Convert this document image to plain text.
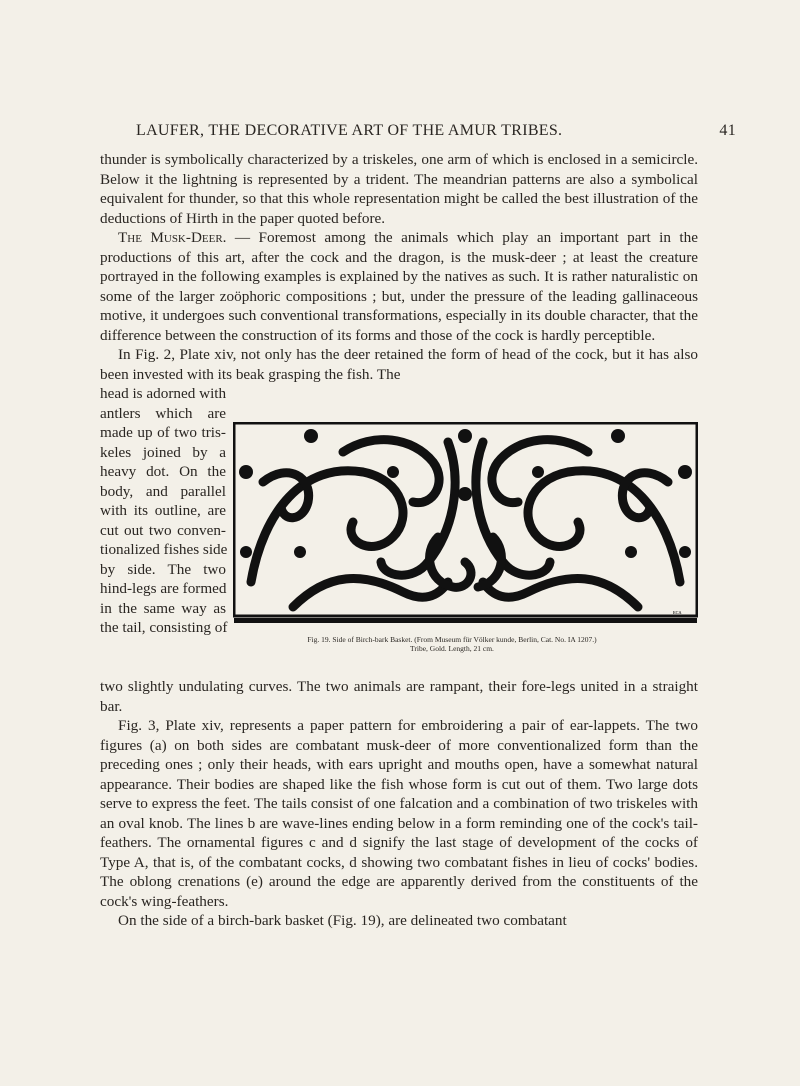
LAUFER, THE DECORATIVE ART OF THE AMUR TRIBES.	41

thunder is symbolically characterized by a triskeles, one arm of which is enclosed in a semicircle. Below it the lightning is represented by a trident. The meandrian patterns are also a symbolical equivalent for thunder, so that this whole representation might be called the best illustration of the deductions of Hirth in the paper quoted before.

The Musk-Deer. — Foremost among the animals which play an important part in the productions of this art, after the cock and the dragon, is the musk-deer ; at least the creature portrayed in the following examples is explained by the natives as such. It is rather naturalistic on some of the larger zoöphoric compositions ; but, under the pressure of the leading gallinaceous motive, it undergoes such conventional transformations, especially in its double character, that the difference between the construction of its forms and those of the cock is hardly perceptible.

In Fig. 2, Plate xiv, not only has the deer retained the form of head of the cock, but it has also been invested with its beak grasping the fish. The

head is adorned with
antlers which are
made up of two tris-
keles joined by a
heavy dot. On the
body, and parallel
with its outline, are
cut out two conven-
tionalized fishes side
by side. The two
hind-legs are formed
in the same way as
the tail, consisting of
ᴇᴄᴀ
Fig. 19. Side of Birch-bark Basket. (From Museum für Völker kunde, Berlin, Cat. No. IA 1207.)
Tribe, Gold. Length, 21 cm.

two slightly undulating curves. The two animals are rampant, their fore-legs united in a straight bar.

Fig. 3, Plate xiv, represents a paper pattern for embroidering a pair of ear-lappets. The two figures (a) on both sides are combatant musk-deer of more conventionalized form than the preceding ones ; only their heads, with ears upright and mouths open, have a somewhat natural appearance. Their bodies are shaped like the fish whose form is cut out of them. Two large dots serve to express the feet. The tails consist of one falcation and a combination of two triskeles with an oval knob. The lines b are wave-lines ending below in a form reminding one of the cock's tail-feathers. The ornamental figures c and d signify the last stage of development of the cocks of Type A, that is, of the combatant cocks, d showing two combatant fishes in lieu of cocks' bodies. The oblong crenations (e) around the edge are apparently derived from the constituents of the cock's wing-feathers.

On the side of a birch-bark basket (Fig. 19), are delineated two combatant
